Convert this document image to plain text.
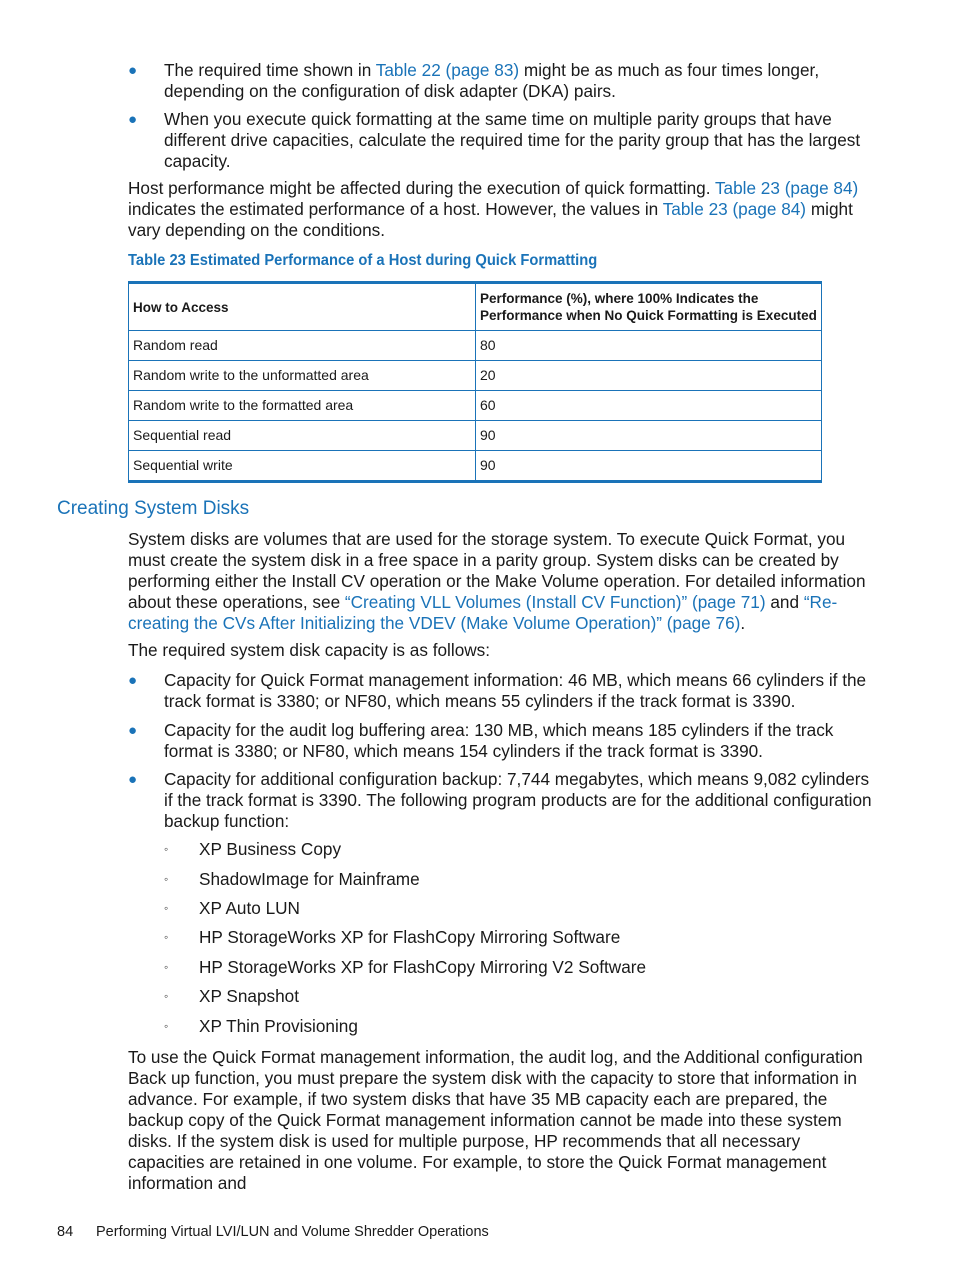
● The required time shown in Table 22 (page 83) might be as much as four times longer, depending on the configuration of disk adapter (DKA) pairs.
● When you execute quick formatting at the same time on multiple parity groups that have different drive capacities, calculate the required time for the parity group that has the largest capacity.
Host performance might be affected during the execution of quick formatting. Table 23 (page 84) indicates the estimated performance of a host. However, the values in Table 23 (page 84) might vary depending on the conditions.
Table 23 Estimated Performance of a Host during Quick Formatting
How to Access	Performance (%), where 100% Indicates the Performance when No Quick Formatting is Executed
Random read	80
Random write to the unformatted area	20
Random write to the formatted area	60
Sequential read	90
Sequential write	90
Creating System Disks
System disks are volumes that are used for the storage system. To execute Quick Format, you must create the system disk in a free space in a parity group. System disks can be created by performing either the Install CV operation or the Make Volume operation. For detailed information about these operations, see “Creating VLL Volumes (Install CV Function)” (page 71) and “Re-creating the CVs After Initializing the VDEV (Make Volume Operation)” (page 76).
The required system disk capacity is as follows:
● Capacity for Quick Format management information: 46 MB, which means 66 cylinders if the track format is 3380; or NF80, which means 55 cylinders if the track format is 3390.
● Capacity for the audit log buffering area: 130 MB, which means 185 cylinders if the track format is 3380; or NF80, which means 154 cylinders if the track format is 3390.
● Capacity for additional configuration backup: 7,744 megabytes, which means 9,082 cylinders if the track format is 3390. The following program products are for the additional configuration backup function:
◦ XP Business Copy
◦ ShadowImage for Mainframe
◦ XP Auto LUN
◦ HP StorageWorks XP for FlashCopy Mirroring Software
◦ HP StorageWorks XP for FlashCopy Mirroring V2 Software
◦ XP Snapshot
◦ XP Thin Provisioning
To use the Quick Format management information, the audit log, and the Additional configuration Back up function, you must prepare the system disk with the capacity to store that information in advance. For example, if two system disks that have 35 MB capacity each are prepared, the backup copy of the Quick Format management information cannot be made into these system disks. If the system disk is used for multiple purpose, HP recommends that all necessary capacities are retained in one volume. For example, to store the Quick Format management information and
84 Performing Virtual LVI/LUN and Volume Shredder Operations
